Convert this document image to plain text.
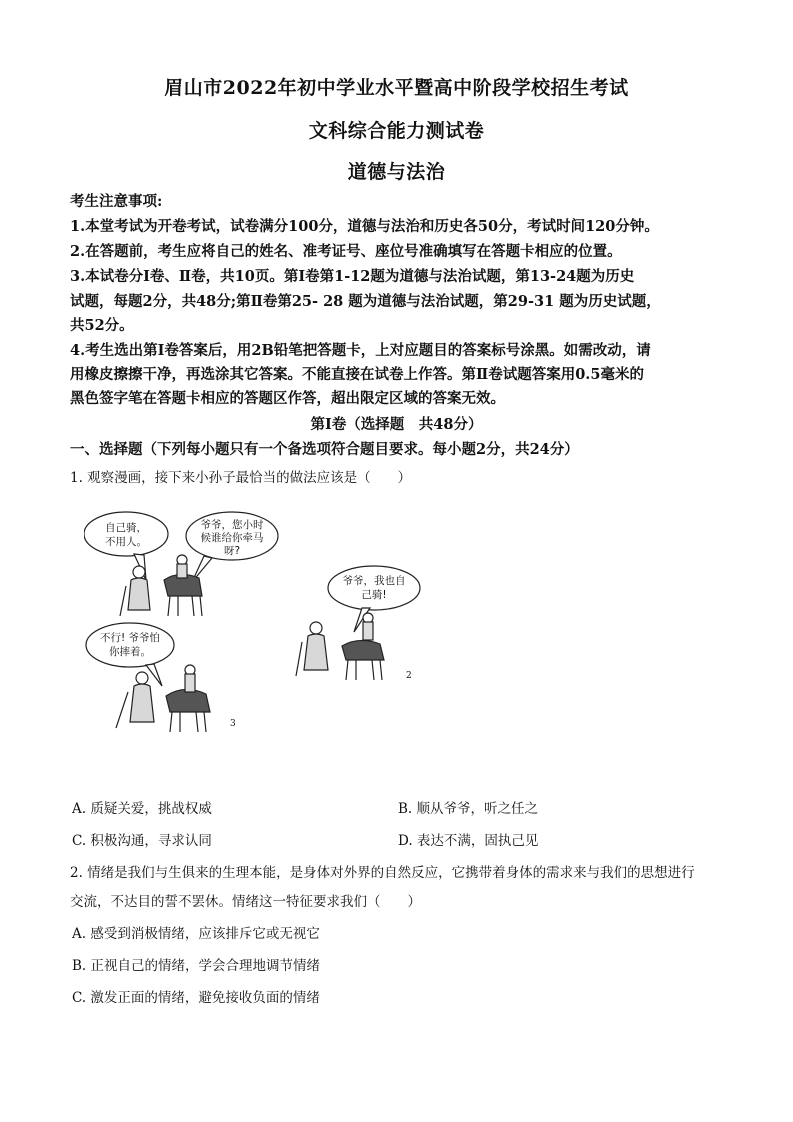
眉山市2022年初中学业水平暨高中阶段学校招生考试
文科综合能力测试卷
道德与法治
考生注意事项:
1.本堂考试为开卷考试，试卷满分100分，道德与法治和历史各50分，考试时间120分钟。
2.在答题前，考生应将自己的姓名、准考证号、座位号准确填写在答题卡相应的位置。
3.本试卷分Ⅰ卷、Ⅱ卷，共10页。第Ⅰ卷第1-12题为道德与法治试题，第13-24题为历史
试题，每题2分，共48分;第Ⅱ卷第25- 28 题为道德与法治试题，第29-31 题为历史试题，
共52分。
4.考生选出第Ⅰ卷答案后，用2B铅笔把答题卡，上对应题目的答案标号涂黑。如需改动，请
用橡皮擦擦干净，再选涂其它答案。不能直接在试卷上作答。第Ⅱ卷试题答案用0.5毫米的
黑色签字笔在答题卡相应的答题区作答，超出限定区域的答案无效。
第Ⅰ卷（选择题　共48分）
一、选择题（下列每小题只有一个备选项符合题目要求。每小题2分，共24分）
1. 观察漫画，接下来小孙子最恰当的做法应该是（　　）
自己骑，
不用人。
爷爷，您小时
候谁给你牵马
呀?
爷爷，我也自
己骑!
不行! 爷爷怕
你摔着。
2
3
A. 质疑关爱，挑战权威	B. 顺从爷爷，听之任之
C. 积极沟通，寻求认同	D. 表达不满，固执己见
2. 情绪是我们与生俱来的生理本能，是身体对外界的自然反应，它携带着身体的需求来与我们的思想进行
交流，不达目的誓不罢休。情绪这一特征要求我们（　　）
A. 感受到消极情绪，应该排斥它或无视它
B. 正视自己的情绪，学会合理地调节情绪
C. 激发正面的情绪，避免接收负面的情绪
